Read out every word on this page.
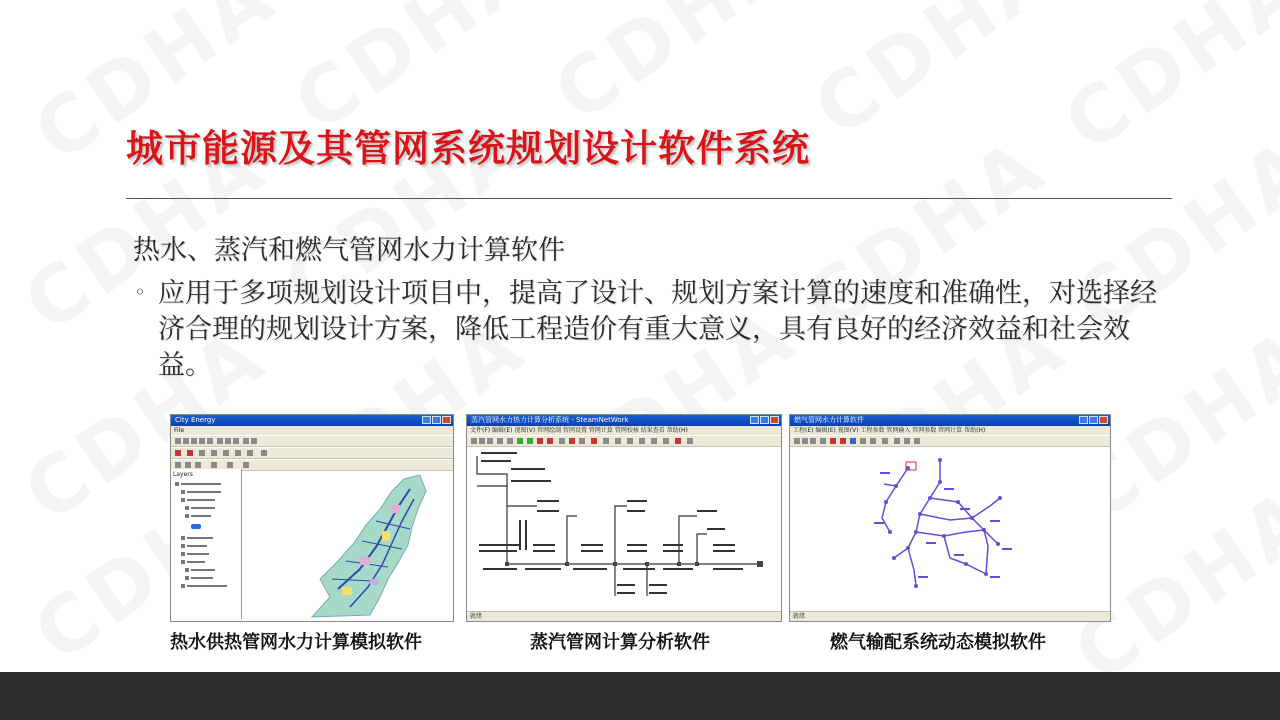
城市能源及其管网系统规划设计软件系统
热水、蒸汽和燃气管网水力计算软件
◦ 应用于多项规划设计项目中，提高了设计、规划方案计算的速度和准确性，对选择经济合理的规划设计方案，降低工程造价有重大意义，具有良好的经济效益和社会效益。
City Energy
File
Layers
蒸汽管网水力热力计算分析系统 - SteamNetWork
文件(F) 编辑(E) 视图(V) 管网绘制 管网设置 管网计算 管网校核 结果查看 帮助(H)
就绪
燃气管网水力计算软件
工程(E) 编辑(E) 视图(V) 工程参数 管网输入 管网参数 管网计算 帮助(H)
就绪
热水供热管网水力计算模拟软件	蒸汽管网计算分析软件	燃气输配系统动态模拟软件
